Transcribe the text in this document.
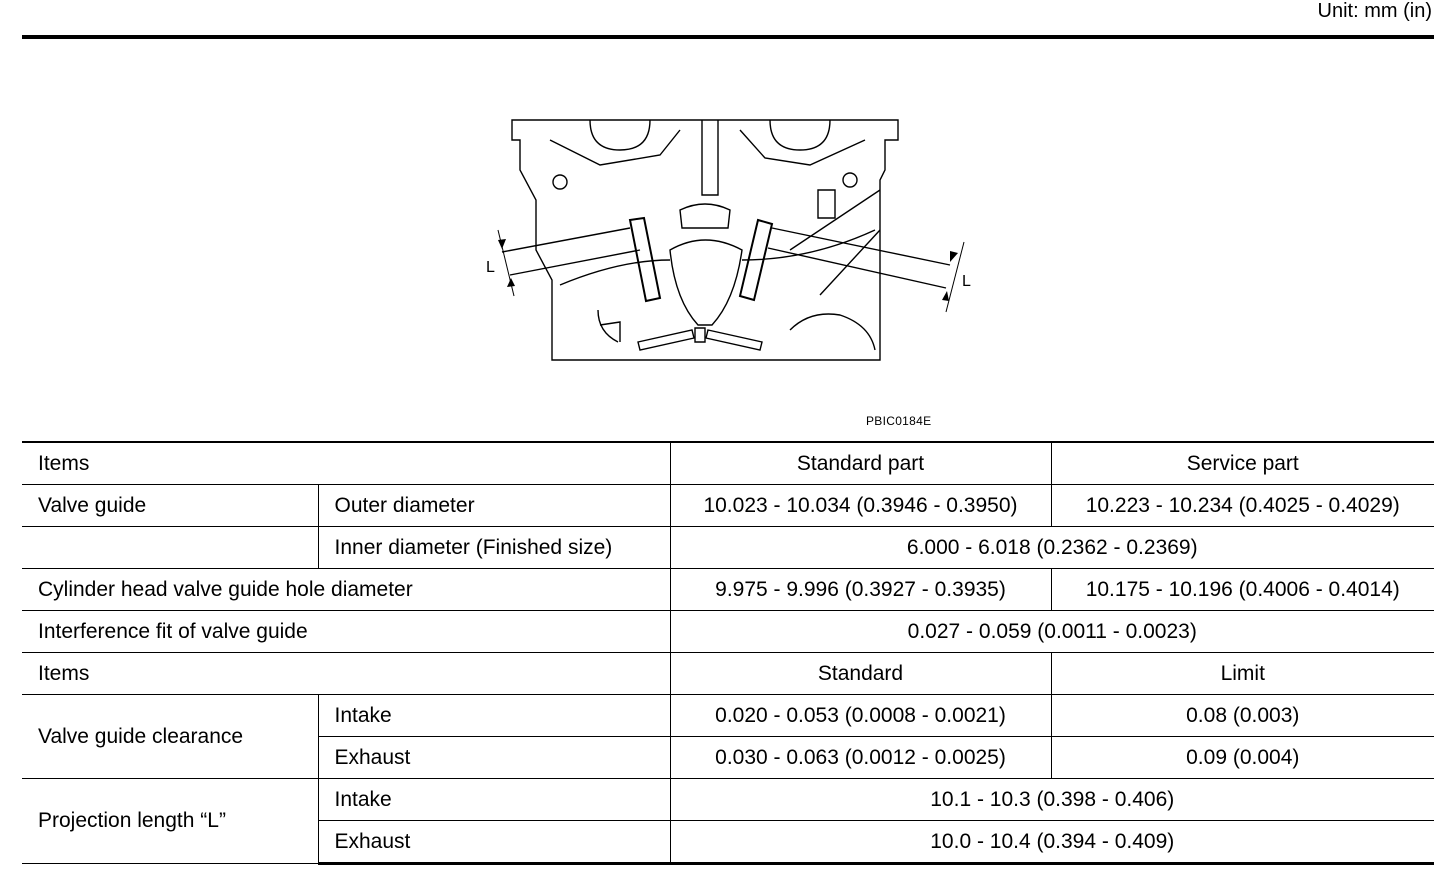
Unit: mm (in)
L
L
PBIC0184E
Items		Standard part	Service part
Valve guide	Outer diameter	10.023 - 10.034 (0.3946 - 0.3950)	10.223 - 10.234 (0.4025 - 0.4029)
	Inner diameter (Finished size)	6.000 - 6.018 (0.2362 - 0.2369)	
Cylinder head valve guide hole diameter		9.975 - 9.996 (0.3927 - 0.3935)	10.175 - 10.196 (0.4006 - 0.4014)
Interference fit of valve guide		0.027 - 0.059 (0.0011 - 0.0023)	
Items		Standard	Limit
Valve guide clearance	Intake	0.020 - 0.053 (0.0008 - 0.0021)	0.08 (0.003)
	Exhaust	0.030 - 0.063 (0.0012 - 0.0025)	0.09 (0.004)
Projection length “L”	Intake	10.1 - 10.3 (0.398 - 0.406)	
	Exhaust	10.0 - 10.4 (0.394 - 0.409)	
